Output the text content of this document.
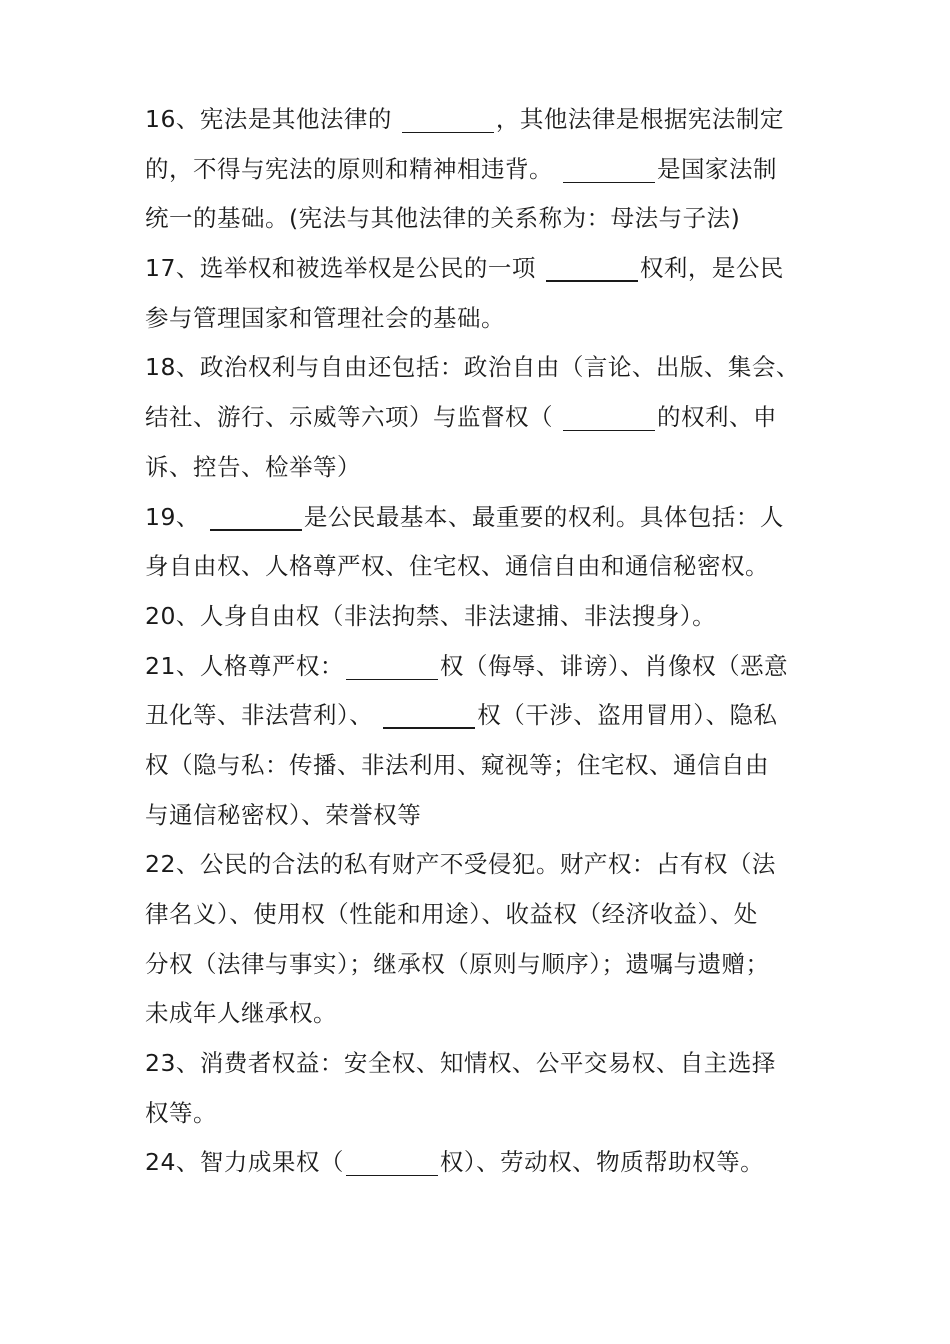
16、宪法是其他法律的	，其他法律是根据宪法制定
的，不得与宪法的原则和精神相违背。	是国家法制
统一的基础。(宪法与其他法律的关系称为：母法与子法)
17、选举权和被选举权是公民的一项	权利，是公民
参与管理国家和管理社会的基础。
18、政治权利与自由还包括：政治自由（言论、出版、集会、
结社、游行、示威等六项）与监督权（	的权利、申
诉、控告、检举等）
19、	是公民最基本、最重要的权利。具体包括：人
身自由权、人格尊严权、住宅权、通信自由和通信秘密权。
20、人身自由权（非法拘禁、非法逮捕、非法搜身）。
21、人格尊严权：	权（侮辱、诽谤）、肖像权（恶意
丑化等、非法营利）、	权（干涉、盗用冒用）、隐私
权（隐与私：传播、非法利用、窥视等；住宅权、通信自由
与通信秘密权）、荣誉权等
22、公民的合法的私有财产不受侵犯。财产权：占有权（法
律名义）、使用权（性能和用途）、收益权（经济收益）、处
分权（法律与事实）；继承权（原则与顺序）；遗嘱与遗赠；
未成年人继承权。
23、消费者权益：安全权、知情权、公平交易权、自主选择
权等。
24、智力成果权（	权）、劳动权、物质帮助权等。
